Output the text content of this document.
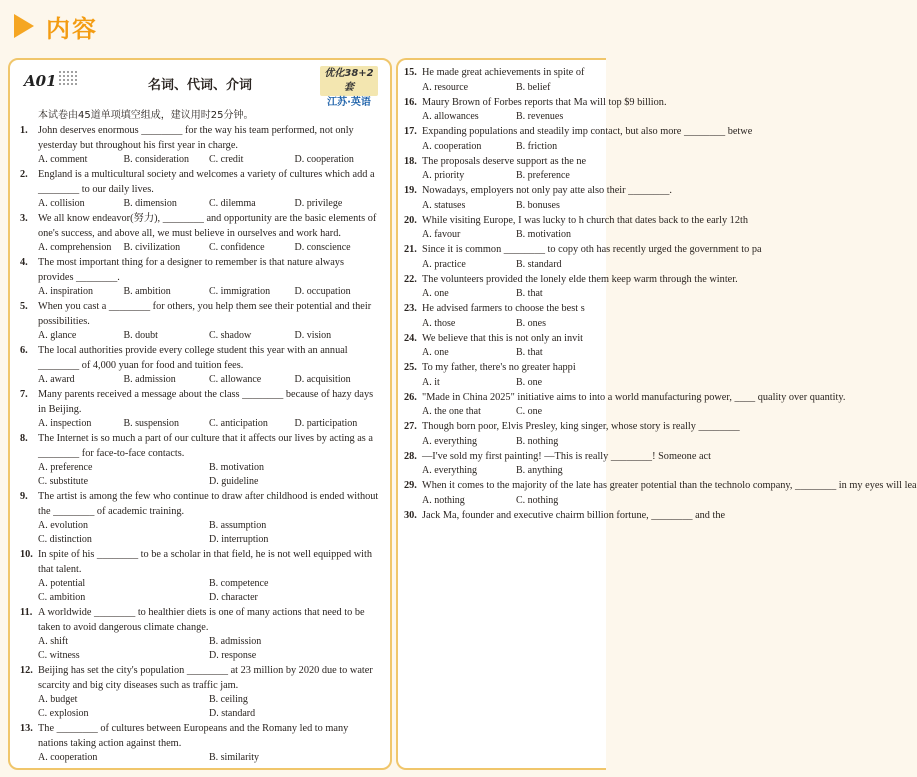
内容
A01	名词、代词、介词
优化38+2套
江苏·英语
本试卷由45道单项填空组成，建议用时25分钟。
1. John deserves enormous ________ for the way his team performed, not only yesterday but throughout his first year in charge.
A. comment	B. consideration	C. credit	D. cooperation
2. England is a multicultural society and welcomes a variety of cultures which add a ________ to our daily lives.
A. collision	B. dimension	C. dilemma	D. privilege
3. We all know endeavor(努力), ________ and opportunity are the basic elements of one's success, and above all, we must believe in ourselves and work hard.
A. comprehension	B. civilization	C. confidence	D. conscience
4. The most important thing for a designer to remember is that nature always provides ________.
A. inspiration	B. ambition	C. immigration	D. occupation
5. When you cast a ________ for others, you help them see their potential and their possibilities.
A. glance	B. doubt	C. shadow	D. vision
6. The local authorities provide every college student this year with an annual ________ of 4,000 yuan for food and tuition fees.
A. award	B. admission	C. allowance	D. acquisition
7. Many parents received a message about the class ________ because of hazy days in Beijing.
A. inspection	B. suspension	C. anticipation	D. participation
8. The Internet is so much a part of our culture that it affects our lives by acting as a ________ for face-to-face contacts.
A. preference	B. motivation
C. substitute	D. guideline
9. The artist is among the few who continue to draw after childhood is ended without the ________ of academic training.
A. evolution	B. assumption
C. distinction	D. interruption
10. In spite of his ________ to be a scholar in that field, he is not well equipped with that talent.
A. potential	B. competence
C. ambition	D. character
11. A worldwide ________ to healthier diets is one of many actions that need to be taken to avoid dangerous climate change.
A. shift	B. admission
C. witness	D. response
12. Beijing has set the city's population ________ at 23 million by 2020 due to water scarcity and big city diseases such as traffic jam.
A. budget	B. ceiling
C. explosion	D. standard
13. The ________ of cultures between Europeans and the Romany led to many nations taking action against them.
A. cooperation	B. similarity
15. He made great achievements in spite of
A. resource	B. belief
16. Maury Brown of Forbes reports that Ma will top $9 billion.
A. allowances	B. revenues
17. Expanding populations and steadily imp contact, but also more ________ betwe
A. cooperation	B. friction
18. The proposals deserve support as the ne
A. priority	B. preference
19. Nowadays, employers not only pay atte also their ________.
A. statuses	B. bonuses
20. While visiting Europe, I was lucky to h church that dates back to the early 12th
A. favour	B. motivation
21. Since it is common ________ to copy oth has recently urged the government to pa
A. practice	B. standard
22. The volunteers provided the lonely elde them keep warm through the winter.
A. one	B. that
23. He advised farmers to choose the best s
A. those	B. ones
24. We believe that this is not only an invit
A. one	B. that
25. To my father, there's no greater happi
A. it	B. one
26. "Made in China 2025" initiative aims to into a world manufacturing power, ____ quality over quantity.
A. the one that	C. one
27. Though born poor, Elvis Presley, king singer, whose story is really ________
A. everything	B. nothing
28. —I've sold my first painting! —This is really ________! Someone act
A. everything	B. anything
29. When it comes to the majority of the late has greater potential than the technolo company, ________ in my eyes will lea
A. nothing	C. nothing
30. Jack Ma, founder and executive chairm billion fortune, ________ and the
